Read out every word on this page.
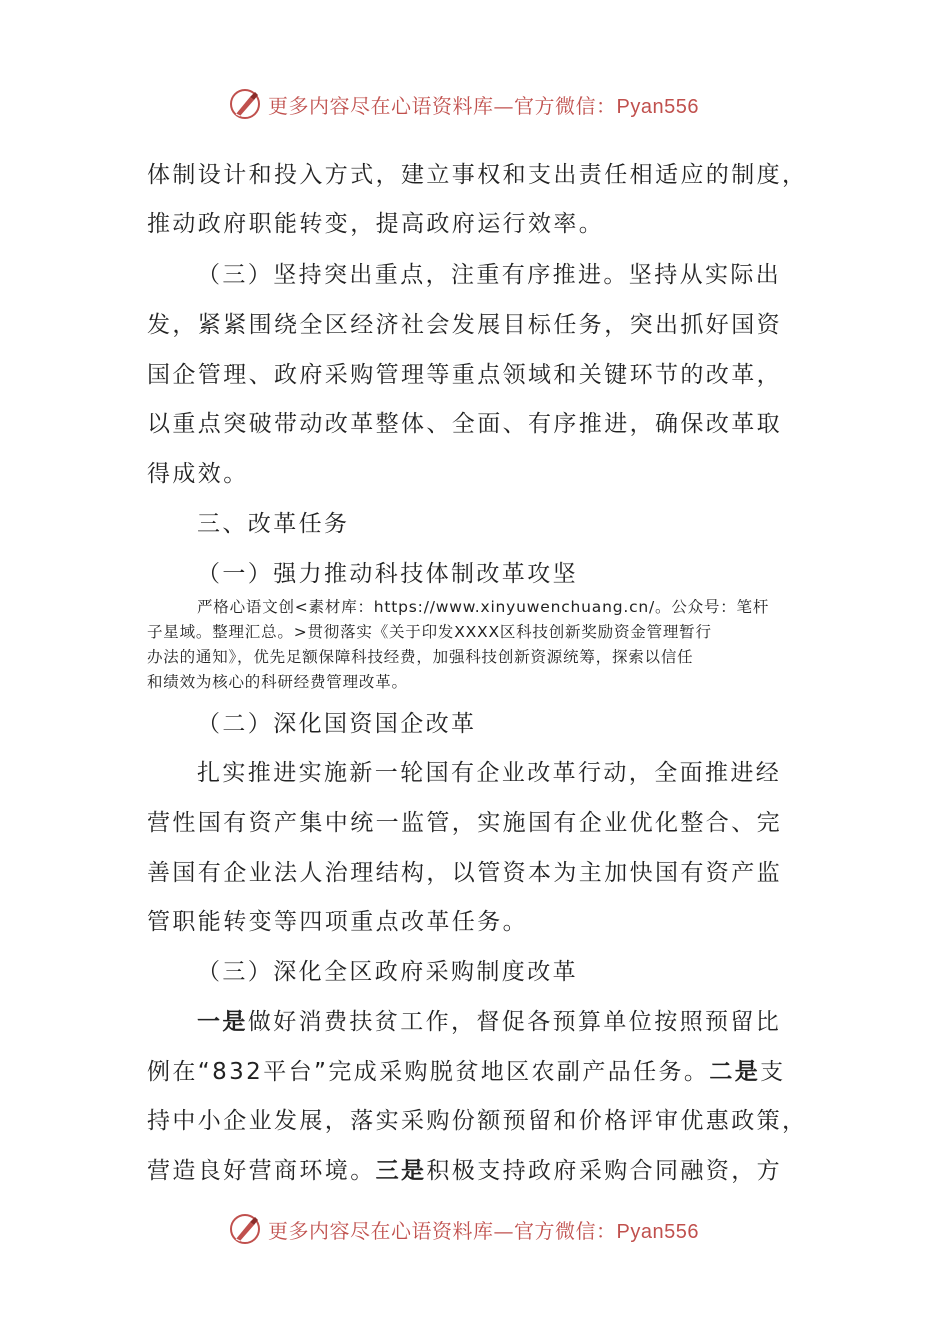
更多内容尽在心语资料库—官方微信：Pyan556
体制设计和投入方式，建立事权和支出责任相适应的制度，
推动政府职能转变，提高政府运行效率。
（三）坚持突出重点，注重有序推进。坚持从实际出
发，紧紧围绕全区经济社会发展目标任务，突出抓好国资
国企管理、政府采购管理等重点领域和关键环节的改革，
以重点突破带动改革整体、全面、有序推进，确保改革取
得成效。
三、改革任务
（一）强力推动科技体制改革攻坚
严格心语文创<素材库：https://www.xinyuwenchuang.cn/。公众号：笔杆
子星域。整理汇总。>贯彻落实《关于印发XXXX区科技创新奖励资金管理暂行
办法的通知》，优先足额保障科技经费，加强科技创新资源统筹，探索以信任
和绩效为核心的科研经费管理改革。
（二）深化国资国企改革
扎实推进实施新一轮国有企业改革行动，全面推进经
营性国有资产集中统一监管，实施国有企业优化整合、完
善国有企业法人治理结构，以管资本为主加快国有资产监
管职能转变等四项重点改革任务。
（三）深化全区政府采购制度改革
一是做好消费扶贫工作，督促各预算单位按照预留比
例在“832平台”完成采购脱贫地区农副产品任务。二是支
持中小企业发展，落实采购份额预留和价格评审优惠政策，
营造良好营商环境。三是积极支持政府采购合同融资，方
更多内容尽在心语资料库—官方微信：Pyan556
